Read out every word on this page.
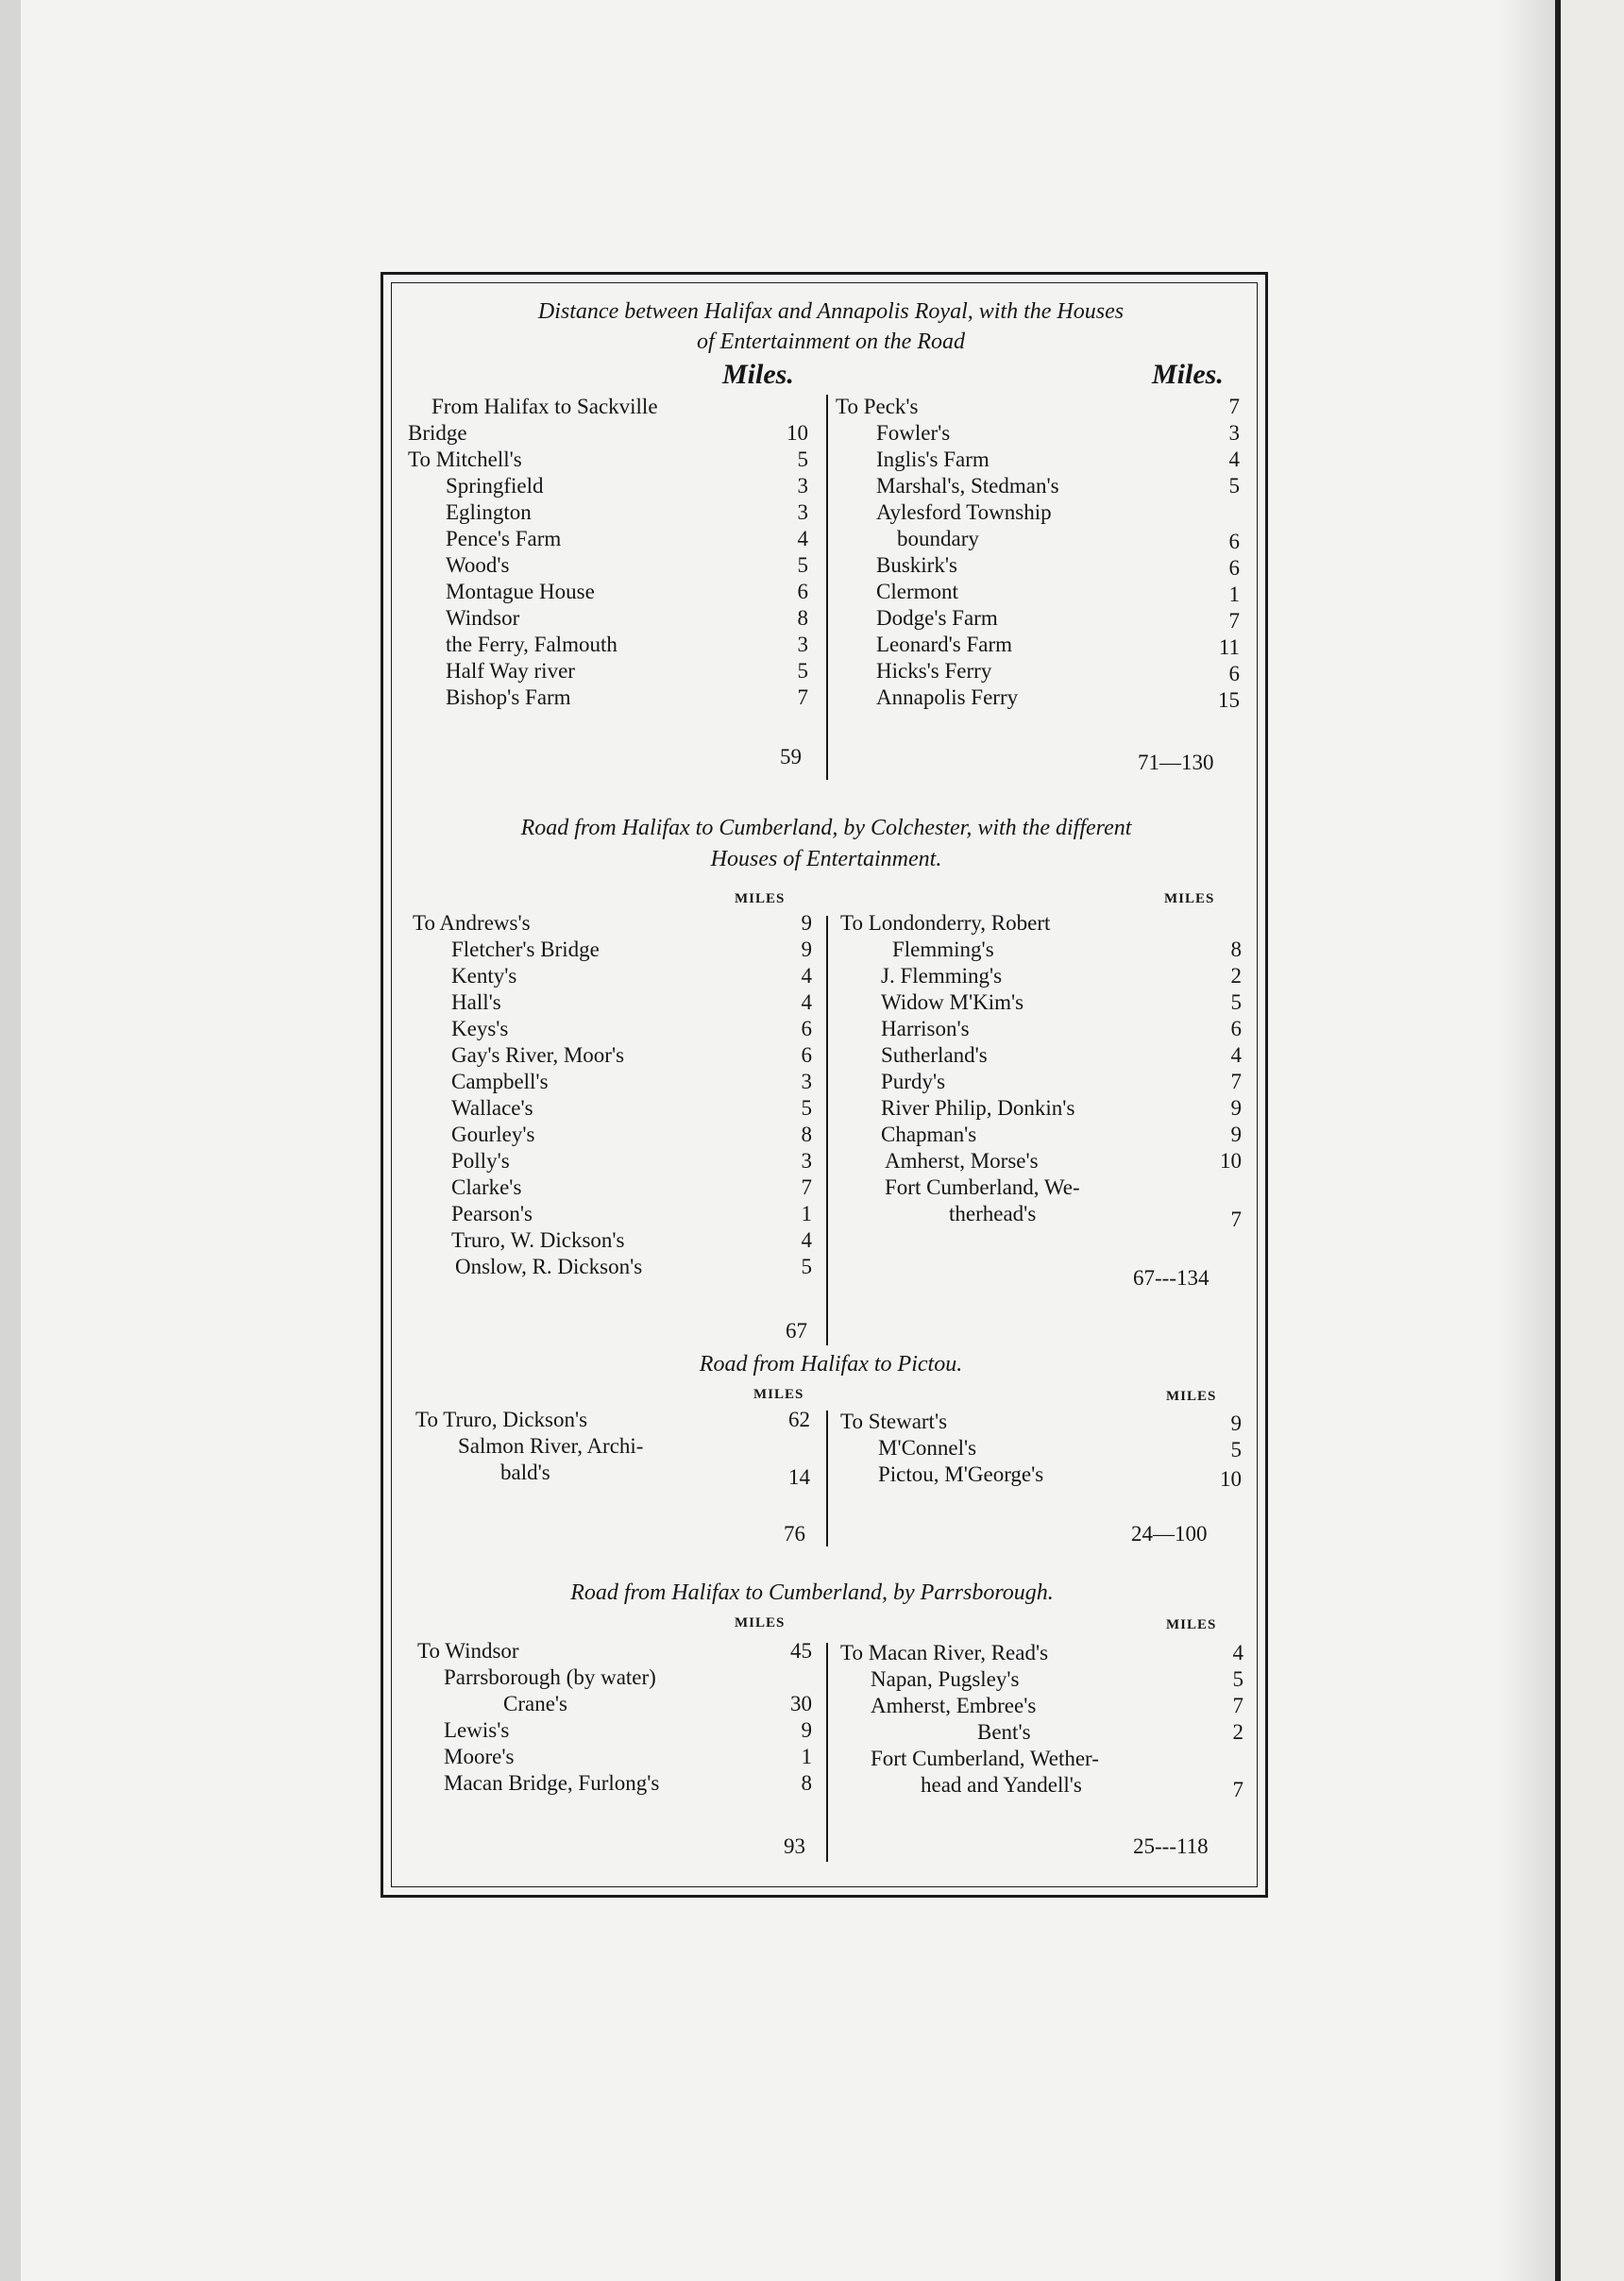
Distance between Halifax and Annapolis Royal, with the Houses
of Entertainment on the Road
Miles.	Miles.
From Halifax to Sackville
Bridge	10
To Mitchell's	5
Springfield	3
Eglington	3
Pence's Farm	4
Wood's	5
Montague House	6
Windsor	8
the Ferry, Falmouth	3
Half Way river	5
Bishop's Farm	7
59
To Peck's	7
Fowler's	3
Inglis's Farm	4
Marshal's, Stedman's	5
Aylesford Township
boundary	6
Buskirk's	6
Clermont	1
Dodge's Farm	7
Leonard's Farm	11
Hicks's Ferry	6
Annapolis Ferry	15
71—130
Road from Halifax to Cumberland, by Colchester, with the different
Houses of Entertainment.
MILES	MILES
To Andrews's	9
Fletcher's Bridge	9
Kenty's	4
Hall's	4
Keys's	6
Gay's River, Moor's	6
Campbell's	3
Wallace's	5
Gourley's	8
Polly's	3
Clarke's	7
Pearson's	1
Truro, W. Dickson's	4
Onslow, R. Dickson's	5
67
To Londonderry, Robert
Flemming's	8
J. Flemming's	2
Widow M'Kim's	5
Harrison's	6
Sutherland's	4
Purdy's	7
River Philip, Donkin's	9
Chapman's	9
Amherst, Morse's	10
Fort Cumberland, We-
therhead's	7
67---134
Road from Halifax to Pictou.
MILES	MILES
To Truro, Dickson's	62
Salmon River, Archi-
bald's	14
76
To Stewart's	9
M'Connel's	5
Pictou, M'George's	10
24—100
Road from Halifax to Cumberland, by Parrsborough.
MILES	MILES
To Windsor	45
Parrsborough (by water)
Crane's	30
Lewis's	9
Moore's	1
Macan Bridge, Furlong's	8
93
To Macan River, Read's	4
Napan, Pugsley's	5
Amherst, Embree's	7
Bent's	2
Fort Cumberland, Wether-
head and Yandell's	7
25---118
